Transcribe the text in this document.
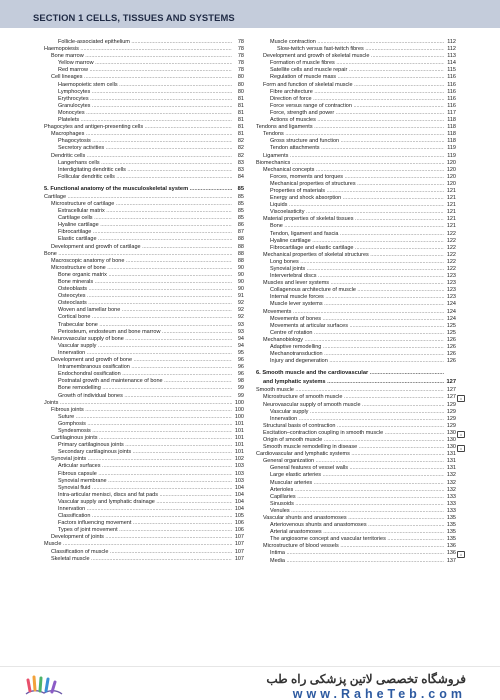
SECTION 1 CELLS, TISSUES AND SYSTEMS
Follicle-associated epithelium .....	78
Haemopoiesis .....	78
Bone marrow .....	78
Yellow marrow .....	78
Red marrow .....	78
Cell lineages .....	80
Haemopoietic stem cells .....	80
Lymphocytes .....	80
Erythrocytes .....	81
Granulocytes .....	81
Monocytes .....	81
Platelets .....	81
Phagocytes and antigen-presenting cells .....	81
Macrophages .....	81
Phagocytosis .....	82
Secretory activities .....	82
Dendritic cells .....	82
Langerhans cells .....	83
Interdigitating dendritic cells .....	83
Follicular dendritic cells .....	84
5. Functional anatomy of the musculoskeletal system .....	85
Cartilage .....	85
Microstructure of cartilage .....	85
Extracellular matrix .....	85
Cartilage cells .....	85
Hyaline cartilage .....	86
Fibrocartilage .....	87
Elastic cartilage .....	88
Development and growth of cartilage .....	88
Bone .....	88
Macroscopic anatomy of bone .....	88
Microstructure of bone .....	90
Bone organic matrix .....	90
Bone minerals .....	90
Osteoblasts .....	90
Osteocytes .....	91
Osteoclasts .....	92
Woven and lamellar bone .....	92
Cortical bone .....	92
Trabecular bone .....	93
Periosteum, endosteum and bone marrow .....	93
Neurovascular supply of bone .....	94
Vascular supply .....	94
Innervation .....	95
Development and growth of bone .....	96
Intramembranous ossification .....	96
Endochondral ossification .....	96
Postnatal growth and maintenance of bone .....	98
Bone remodelling .....	99
Growth of individual bones .....	99
Joints .....	100
Fibrous joints .....	100
Suture .....	100
Gomphosis .....	101
Syndesmosis .....	101
Cartilaginous joints .....	101
Primary cartilaginous joints .....	101
Secondary cartilaginous joints .....	101
Synovial joints .....	102
Articular surfaces .....	103
Fibrous capsule .....	103
Synovial membrane .....	103
Synovial fluid .....	104
Intra-articular menisci, discs and fat pads .....	104
Vascular supply and lymphatic drainage .....	104
Innervation .....	104
Classification .....	105
Factors influencing movement .....	106
Types of joint movement .....	106
Development of joints .....	107
Muscle .....	107
Classification of muscle .....	107
Skeletal muscle .....	107
Muscle contraction .....	112
Slow-twitch versus fast-twitch fibres .....	112
Development and growth of skeletal muscle .....	113
Formation of muscle fibres .....	114
Satellite cells and muscle repair .....	115
Regulation of muscle mass .....	116
Form and function of skeletal muscle .....	116
Fibre architecture .....	116
Direction of force .....	116
Force versus range of contraction .....	116
Force, strength and power .....	117
Actions of muscles .....	118
Tendons and ligaments .....	118
Tendons .....	118
Gross structure and function .....	118
Tendon attachments .....	119
Ligaments .....	119
Biomechanics .....	120
Mechanical concepts .....	120
Forces, moments and torques .....	120
Mechanical properties of structures .....	120
Properties of materials .....	121
Energy and shock absorption .....	121
Liquids .....	121
Viscoelasticity .....	121
Material properties of skeletal tissues .....	121
Bone .....	121
Tendon, ligament and fascia .....	122
Hyaline cartilage .....	122
Fibrocartilage and elastic cartilage .....	122
Mechanical properties of skeletal structures .....	122
Long bones .....	122
Synovial joints .....	122
Intervertebral discs .....	123
Muscles and lever systems .....	123
Collagenous architecture of muscle .....	123
Internal muscle forces .....	123
Muscle lever systems .....	124
Movements .....	124
Movements of bones .....	124
Movements at articular surfaces .....	125
Centre of rotation .....	125
Mechanobiology .....	126
Adaptive remodelling .....	126
Mechanotransduction .....	126
Injury and degeneration .....	126
6. Smooth muscle and the cardiovascular .....
and lymphatic systems .....	127
Smooth muscle .....	127
Microstructure of smooth muscle .....	127 ⌂
Neurovascular supply of smooth muscle .....	129
Vascular supply .....	129
Innervation .....	129
Structural basis of contraction .....	129
Excitation–contraction coupling in smooth muscle .....	130 ⌂
Origin of smooth muscle .....	130
Smooth muscle remodelling in disease .....	130 ⌂
Cardiovascular and lymphatic systems .....	131
General organization .....	131
General features of vessel walls .....	131
Large elastic arteries .....	132
Muscular arteries .....	132
Arterioles .....	132
Capillaries .....	133
Sinusoids .....	133
Venules .....	133
Vascular shunts and anastomoses .....	135
Arteriovenous shunts and anastomoses .....	135
Arterial anastomoses .....	135
The angiosome concept and vascular territories .....	135
Microstructure of blood vessels .....	136
Intima .....	136 ⌂
Media .....	137
فروشگاه تخصصی لاتین پزشکی راه طب
www.RaheTeb.com
